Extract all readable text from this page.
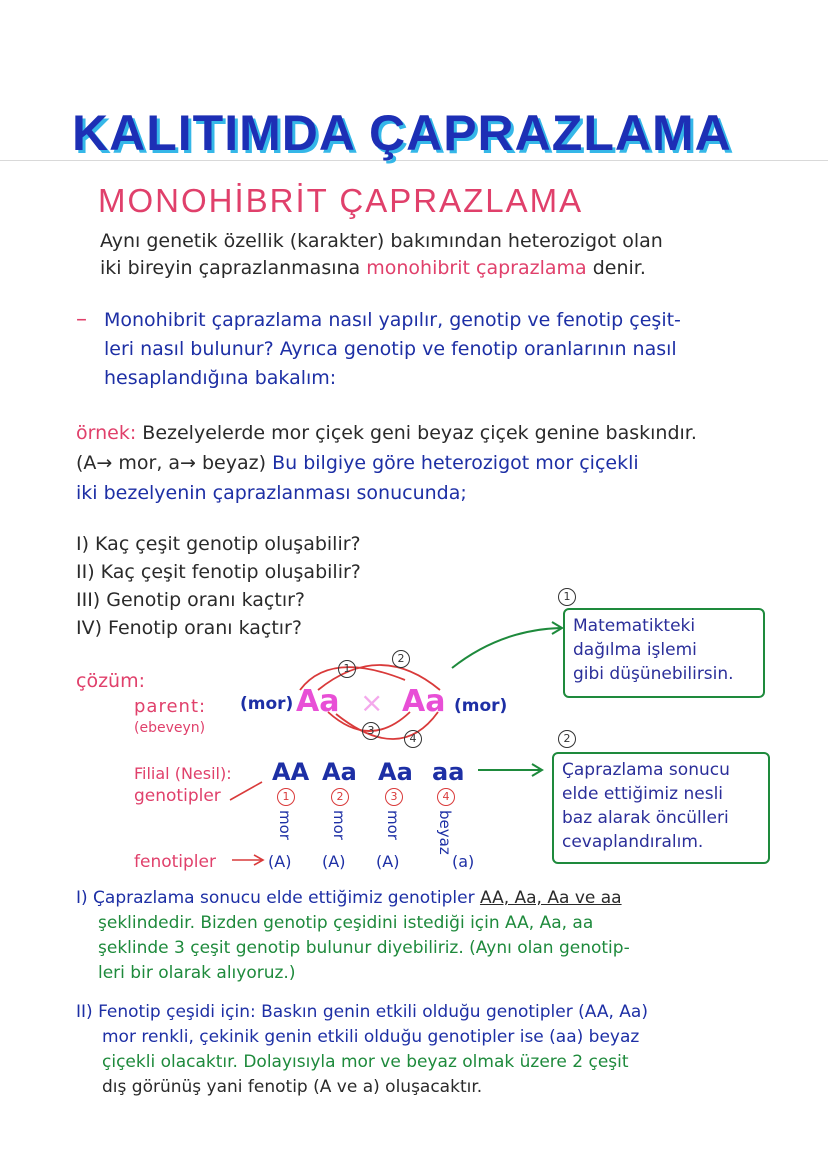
KALITIMDA ÇAPRAZLAMA
MONOHİBRİT ÇAPRAZLAMA
Aynı genetik özellik (karakter) bakımından heterozigot olan
iki bireyin çaprazlanmasına monohibrit çaprazlama denir.
– Monohibrit çaprazlama nasıl yapılır, genotip ve fenotip çeşit-
leri nasıl bulunur? Ayrıca genotip ve fenotip oranlarının nasıl
hesaplandığına bakalım:
örnek: Bezelyelerde mor çiçek geni beyaz çiçek genine baskındır.
(A→ mor, a→ beyaz) Bu bilgiye göre heterozigot mor çiçekli
iki bezelyenin çaprazlanması sonucunda;
I) Kaç çeşit genotip oluşabilir?
II) Kaç çeşit fenotip oluşabilir?
III) Genotip oranı kaçtır?
IV) Fenotip oranı kaçtır?
1
Matematikteki
dağılma işlemi
gibi düşünebilirsin.
2
Çaprazlama sonucu
elde ettiğimiz nesli
baz alarak öncülleri
cevaplandıralım.
çözüm:
parent:
(ebeveyn)
(mor) Aa × Aa (mor)
1
2
3
4
Filial (Nesil):
genotipler
AA Aa Aa aa
1	2	3	4
mor mor mor beyaz
fenotipler	(A) (A) (A)	(a)
I) Çaprazlama sonucu elde ettiğimiz genotipler AA, Aa, Aa ve aa
şeklindedir. Bizden genotip çeşidini istediği için AA, Aa, aa
şeklinde 3 çeşit genotip bulunur diyebiliriz. (Aynı olan genotip-
leri bir olarak alıyoruz.)
II) Fenotip çeşidi için: Baskın genin etkili olduğu genotipler (AA, Aa)
mor renkli, çekinik genin etkili olduğu genotipler ise (aa) beyaz
çiçekli olacaktır. Dolayısıyla mor ve beyaz olmak üzere 2 çeşit
dış görünüş yani fenotip (A ve a) oluşacaktır.
